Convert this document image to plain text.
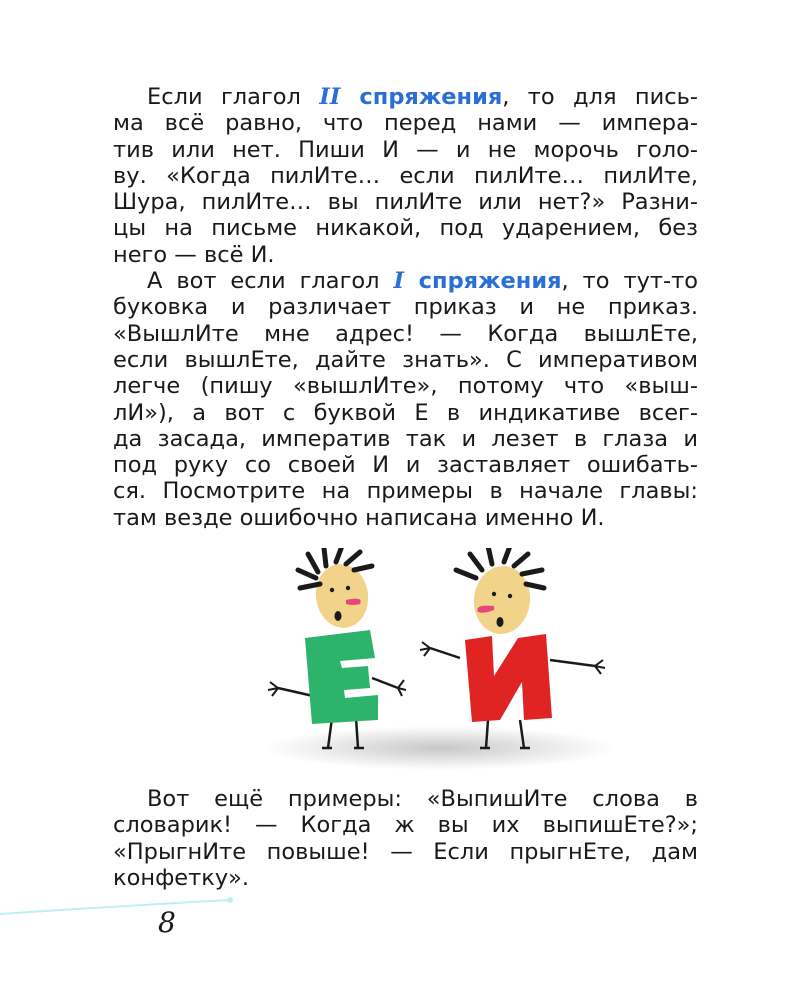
Если глагол II спряжения, то для пись-
ма всё равно, что перед нами — импера-
тив или нет. Пиши И — и не морочь голо-
ву. «Когда пилИте… если пилИте… пилИте,
Шура, пилИте… вы пилИте или нет?» Разни-
цы на письме никакой, под ударением, без
него — всё И.
А вот если глагол I спряжения, то тут-то
буковка и различает приказ и не приказ.
«ВышлИте мне адрес! — Когда вышлЕте,
если вышлЕте, дайте знать». С императивом
легче (пишу «вышлИте», потому что «выш-
лИ»), а вот с буквой Е в индикативе всег-
да засада, императив так и лезет в глаза и
под руку со своей И и заставляет ошибать-
ся. Посмотрите на примеры в начале главы:
там везде ошибочно написана именно И.
Вот ещё примеры: «ВыпишИте слова в
словарик! — Когда ж вы их выпишЕте?»;
«ПрыгнИте повыше! — Если прыгнЕте, дам
конфетку».
8
